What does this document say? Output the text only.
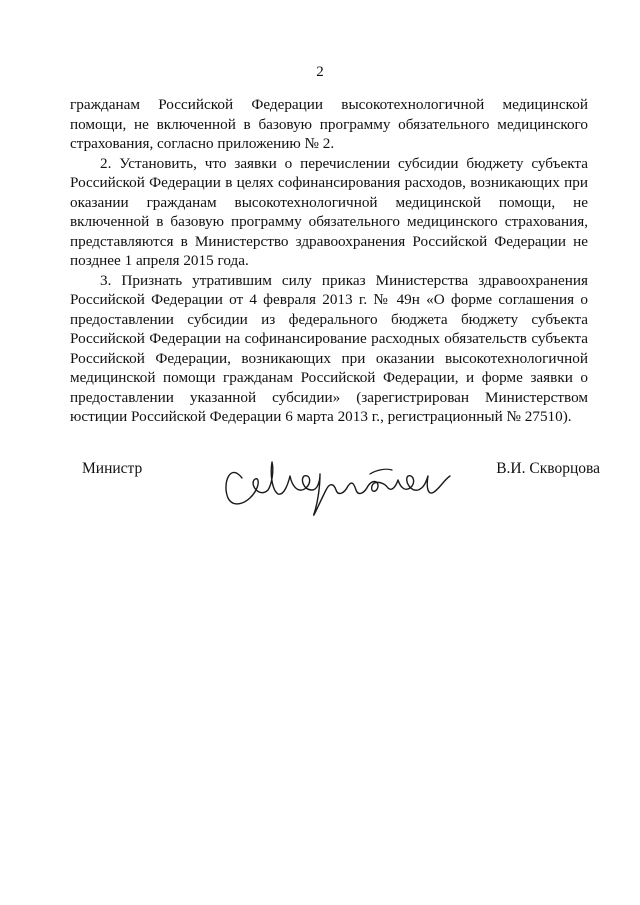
2

гражданам Российской Федерации высокотехнологичной медицинской помощи, не включенной в базовую программу обязательного медицинского страхования, согласно приложению № 2.

2. Установить, что заявки о перечислении субсидии бюджету субъекта Российской Федерации в целях софинансирования расходов, возникающих при оказании гражданам высокотехнологичной медицинской помощи, не включенной в базовую программу обязательного медицинского страхования, представляются в Министерство здравоохранения Российской Федерации не позднее 1 апреля 2015 года.

3. Признать утратившим силу приказ Министерства здравоохранения Российской Федерации от 4 февраля 2013 г. № 49н «О форме соглашения о предоставлении субсидии из федерального бюджета бюджету субъекта Российской Федерации на софинансирование расходных обязательств субъекта Российской Федерации, возникающих при оказании высокотехнологичной медицинской помощи гражданам Российской Федерации, и форме заявки о предоставлении указанной субсидии» (зарегистрирован Министерством юстиции Российской Федерации 6 марта 2013 г., регистрационный № 27510).

Министр	В.И. Скворцова
